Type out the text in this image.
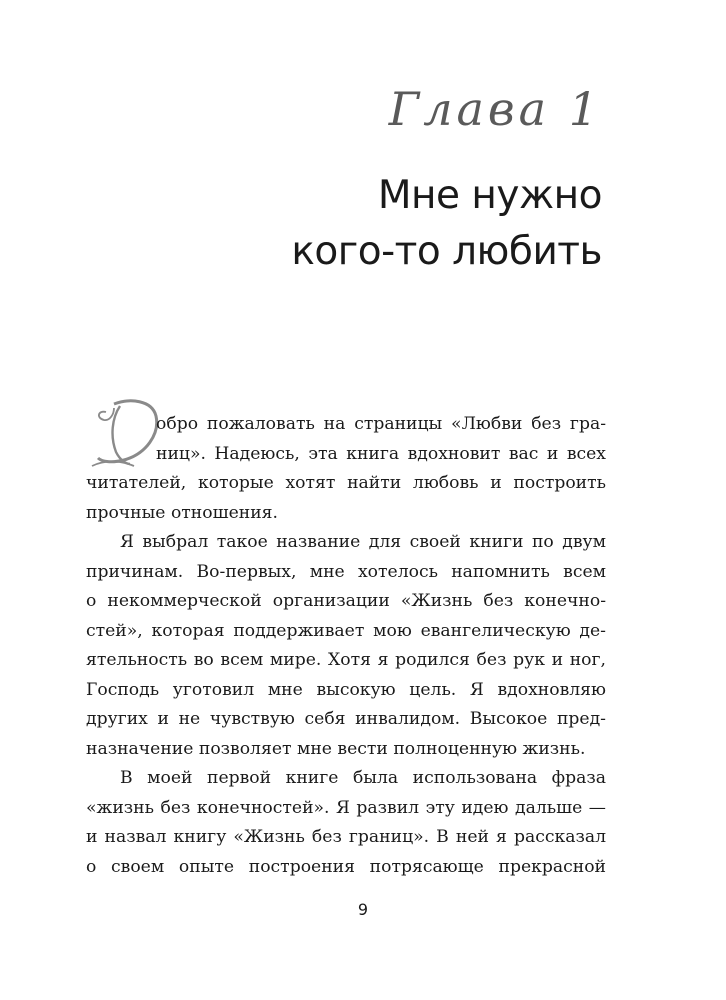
Глава 1
Мне нужно
кого-то любить
Д
обро пожаловать на страницы «Любви без гра-
ниц». Надеюсь, эта книга вдохновит вас и всех
читателей, которые хотят найти любовь и построить
прочные отношения.
Я выбрал такое название для своей книги по двум
причинам. Во-первых, мне хотелось напомнить всем
о некоммерческой организации «Жизнь без конечно-
стей», которая поддерживает мою евангелическую де-
ятельность во всем мире. Хотя я родился без рук и ног,
Господь уготовил мне высокую цель. Я вдохновляю
других и не чувствую себя инвалидом. Высокое пред-
назначение позволяет мне вести полноценную жизнь.
В моей первой книге была использована фраза
«жизнь без конечностей». Я развил эту идею дальше —
и назвал книгу «Жизнь без границ». В ней я рассказал
о своем опыте построения потрясающе прекрасной
9
